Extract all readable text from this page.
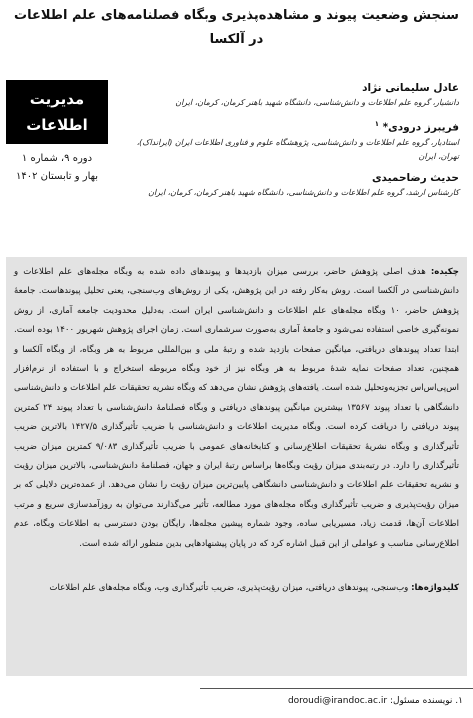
سنجش وضعیت پیوند و مشاهده‌پذیری وبگاه فصلنامه‌های علم اطلاعات در آلکسا
مدیریت
اطلاعات
دوره ۹، شماره ۱
بهار و تابستان ۱۴۰۲
عادل سلیمانی نژاد
دانشیار، گروه علم اطلاعات و دانش‌شناسی، دانشگاه شهید باهنر کرمان، کرمان، ایران
فریبرز درودی* $^۱$
استادیار، گروه علم اطلاعات و دانش‌شناسی، پژوهشگاه علوم و فناوری اطلاعات ایران (ایرانداک)، تهران، ایران
حدیث رضاحمیدی
کارشناس ارشد، گروه علم اطلاعات و دانش‌شناسی، دانشگاه شهید باهنر کرمان، کرمان، ایران
چکیده: هدف اصلی پژوهش حاضر، بررسی میزان بازدیدها و پیوندهای داده شده به وبگاه مجله‌های علم اطلاعات و دانش‌شناسی در آلکسا است. روش به‌کار رفته در این پژوهش، یکی از روش‌های وب‌سنجی، یعنی تحلیل پیوندهاست. جامعهٔ پژوهش حاضر، ۱۰ وبگاه مجله‌های علم اطلاعات و دانش‌شناسی ایران است. به‌دلیل محدودیت جامعه آماری، از روش نمونه‌گیری خاصی استفاده نمی‌شود و جامعهٔ آماری به‌صورت سرشماری است. زمان اجرای پژوهش شهریور ۱۴۰۰ بوده است. ابتدا تعداد پیوندهای دریافتی، میانگین صفحات بازدید شده و رتبهٔ ملی و بین‌المللی مربوط به هر وبگاه، از وبگاه آلکسا و همچنین، تعداد صفحات نمایه شدهٔ مربوط به هر وبگاه نیز از خود وبگاه مربوطه استخراج و با استفاده از نرم‌افزار اس‌پی‌اس‌اس تجزیه‌وتحلیل شده است. یافته‌های پژوهش نشان می‌دهد که وبگاه نشریه تحقیقات علم اطلاعات و دانش‌شناسی دانشگاهی با تعداد پیوند ۱۳۵۶۷ بیشترین میانگین پیوندهای دریافتی و وبگاه فصلنامهٔ دانش‌شناسی با تعداد پیوند ۲۴ کمترین پیوند دریافتی را دریافت کرده است. وبگاه مدیریت اطلاعات و دانش‌شناسی با ضریب تأثیرگذاری ۱۴۲۷/۵ بالاترین ضریب تأثیرگذاری و وبگاه نشریهٔ تحقیقات اطلاع‌رسانی و کتابخانه‌های عمومی با ضریب تأثیرگذاری ۹/۰۸۳ کمترین میزان ضریب تأثیرگذاری را دارد. در رتبه‌بندی میزان رؤیت وبگاه‌ها براساس رتبهٔ ایران و جهان، فصلنامهٔ دانش‌شناسی، بالاترین میزان رؤیت و نشریه تحقیقات علم اطلاعات و دانش‌شناسی دانشگاهی پایین‌ترین میزان رؤیت را نشان می‌دهد. از عمده‌ترین دلایلی که بر میزان رؤیت‌پذیری و ضریب تأثیرگذاری وبگاه مجله‌های مورد مطالعه، تأثیر می‌گذارند می‌توان به روزآمدسازی سریع و مرتب اطلاعات آن‌ها، قدمت زیاد، مسیریابی ساده، وجود شماره پیشین مجله‌ها، رایگان بودن دسترسی به اطلاعات وبگاه، عدم اطلاع‌رسانی مناسب و عواملی از این قبیل اشاره کرد که در پایان پیشنهادهایی بدین منظور ارائه شده است.
کلیدواژه‌ها: وب‌سنجی، پیوندهای دریافتی، میزان رؤیت‌پذیری، ضریب تأثیرگذاری وب، وبگاه مجله‌های علم اطلاعات
۱. نویسنده مسئول: doroudi@irandoc.ac.ir
